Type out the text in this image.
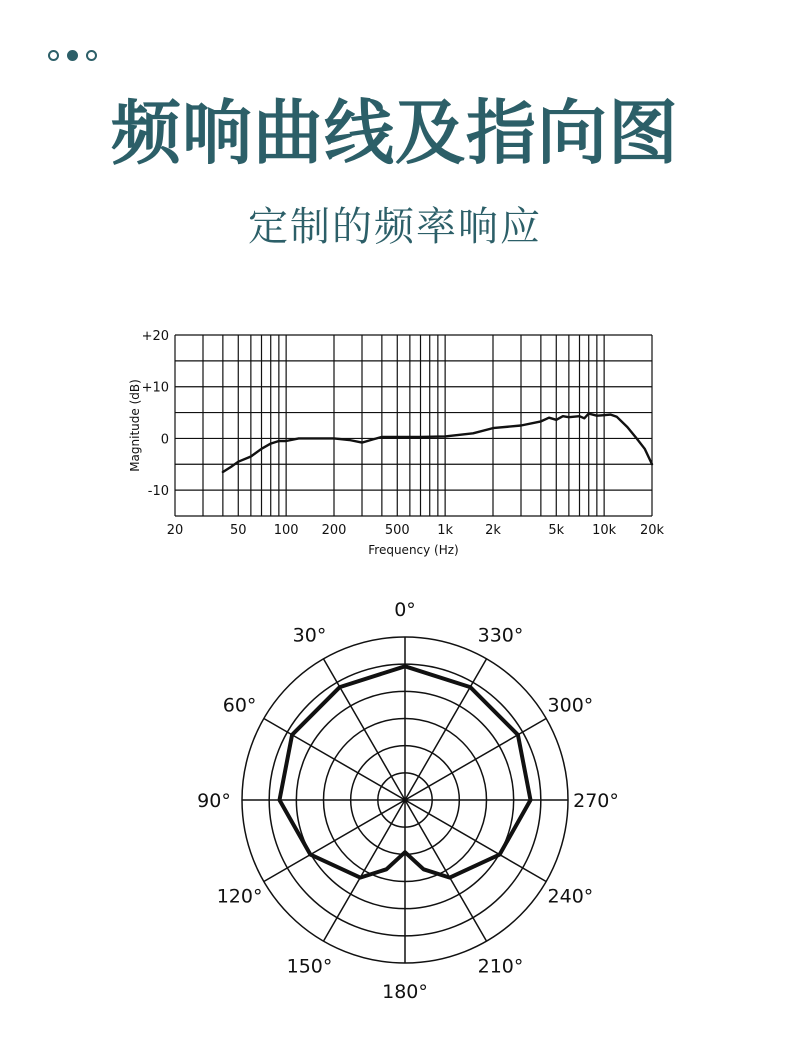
频响曲线及指向图
定制的频率响应
+20
+10
0
-10
20	50 100 200	500 1k 2k	5k 10k 20k
Frequency (Hz)
Magnitude (dB)
0°
30°
60°
90°
120°
150°
180°
210°
240°
270°
300°
330°
